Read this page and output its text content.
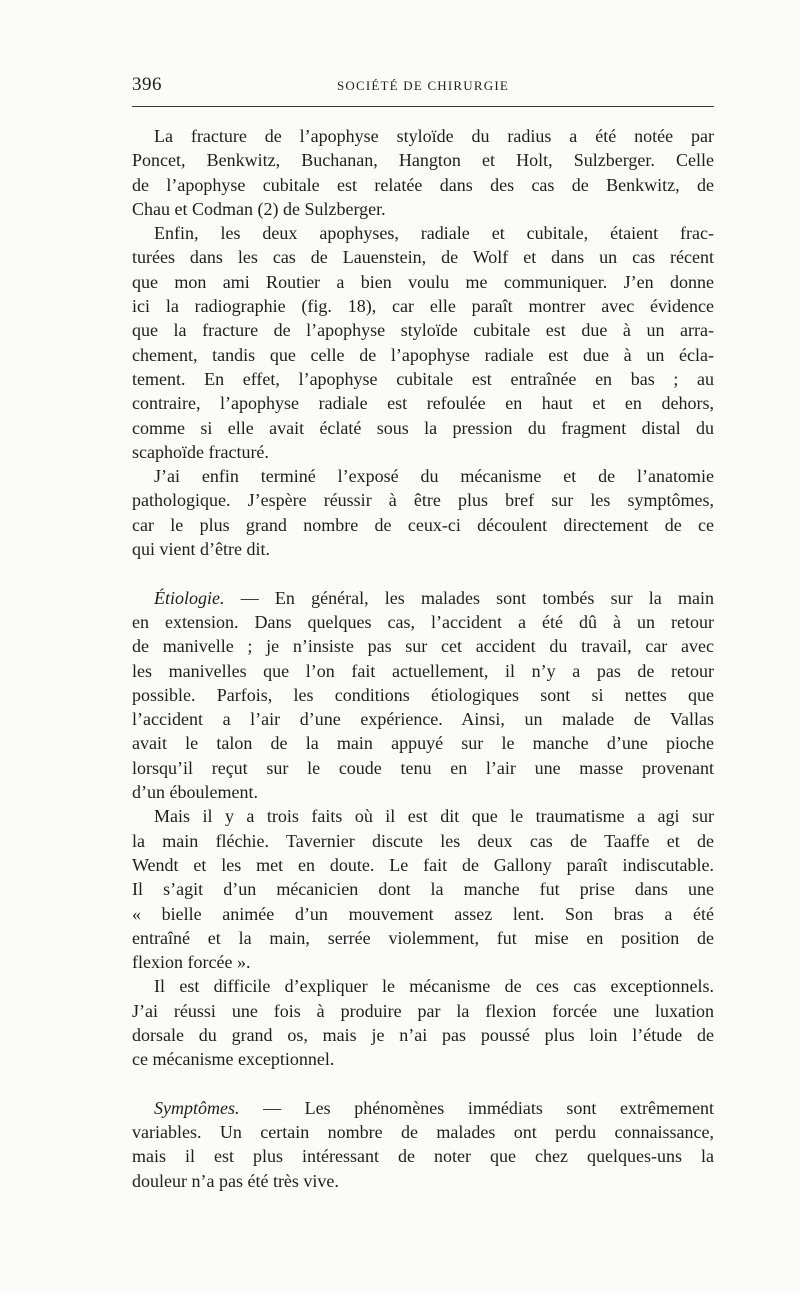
396	SOCIÉTÉ DE CHIRURGIE
La fracture de l’apophyse styloïde du radius a été notée par
Poncet, Benkwitz, Buchanan, Hangton et Holt, Sulzberger. Celle
de l’apophyse cubitale est relatée dans des cas de Benkwitz, de
Chau et Codman (2) de Sulzberger.
Enfin, les deux apophyses, radiale et cubitale, étaient frac-
turées dans les cas de Lauenstein, de Wolf et dans un cas récent
que mon ami Routier a bien voulu me communiquer. J’en donne
ici la radiographie (fig. 18), car elle paraît montrer avec évidence
que la fracture de l’apophyse styloïde cubitale est due à un arra-
chement, tandis que celle de l’apophyse radiale est due à un écla-
tement. En effet, l’apophyse cubitale est entraînée en bas ; au
contraire, l’apophyse radiale est refoulée en haut et en dehors,
comme si elle avait éclaté sous la pression du fragment distal du
scaphoïde fracturé.
J’ai enfin terminé l’exposé du mécanisme et de l’anatomie
pathologique. J’espère réussir à être plus bref sur les symptômes,
car le plus grand nombre de ceux-ci découlent directement de ce
qui vient d’être dit.
Étiologie. — En général, les malades sont tombés sur la main
en extension. Dans quelques cas, l’accident a été dû à un retour
de manivelle ; je n’insiste pas sur cet accident du travail, car avec
les manivelles que l’on fait actuellement, il n’y a pas de retour
possible. Parfois, les conditions étiologiques sont si nettes que
l’accident a l’air d’une expérience. Ainsi, un malade de Vallas
avait le talon de la main appuyé sur le manche d’une pioche
lorsqu’il reçut sur le coude tenu en l’air une masse provenant
d’un éboulement.
Mais il y a trois faits où il est dit que le traumatisme a agi sur
la main fléchie. Tavernier discute les deux cas de Taaffe et de
Wendt et les met en doute. Le fait de Gallony paraît indiscutable.
Il s’agit d’un mécanicien dont la manche fut prise dans une
« bielle animée d’un mouvement assez lent. Son bras a été
entraîné et la main, serrée violemment, fut mise en position de
flexion forcée ».
Il est difficile d’expliquer le mécanisme de ces cas exceptionnels.
J’ai réussi une fois à produire par la flexion forcée une luxation
dorsale du grand os, mais je n’ai pas poussé plus loin l’étude de
ce mécanisme exceptionnel.
Symptômes. — Les phénomènes immédiats sont extrêmement
variables. Un certain nombre de malades ont perdu connaissance,
mais il est plus intéressant de noter que chez quelques-uns la
douleur n’a pas été très vive.
